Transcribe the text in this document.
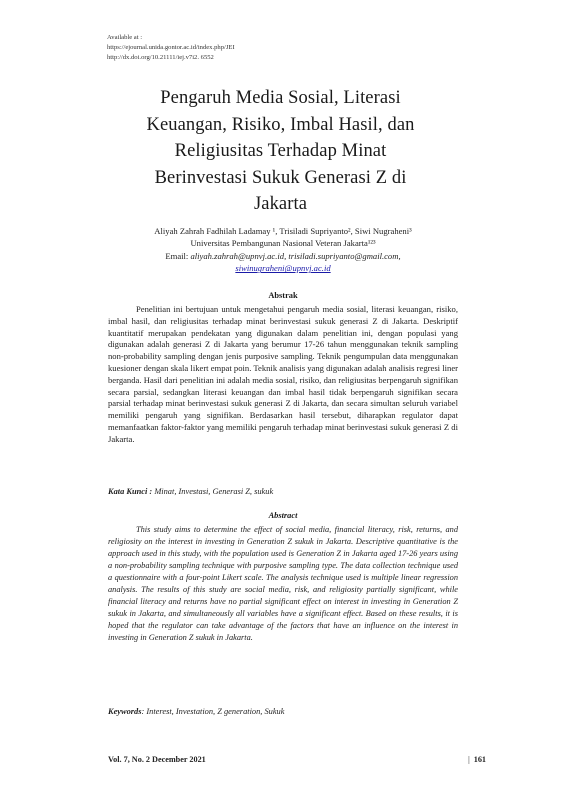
Available at :
https://ejournal.unida.gontor.ac.id/index.php/JEI
http://dx.doi.org/10.21111/iej.v7i2. 6552
Pengaruh Media Sosial, Literasi
Keuangan, Risiko, Imbal Hasil, dan
Religiusitas Terhadap Minat
Berinvestasi Sukuk Generasi Z di
Jakarta
Aliyah Zahrah Fadhilah Ladamay ¹, Trisiladi Supriyanto², Siwi Nugraheni³
Universitas Pembangunan Nasional Veteran Jakarta¹²³
Email: aliyah.zahrah@upnvj.ac.id, trisiladi.supriyanto@gmail.com,
siwinugraheni@upnvj.ac.id
Abstrak

Penelitian ini bertujuan untuk mengetahui pengaruh media sosial, literasi keuangan, risiko, imbal hasil, dan religiusitas terhadap minat berinvestasi sukuk generasi Z di Jakarta. Deskriptif kuantitatif merupakan pendekatan yang digunakan dalam penelitian ini, dengan populasi yang digunakan adalah generasi Z di Jakarta yang berumur 17-26 tahun menggunakan teknik sampling non-probability sampling dengan jenis purposive sampling. Teknik pengumpulan data menggunakan kuesioner dengan skala likert empat poin. Teknik analisis yang digunakan adalah analisis regresi liner berganda. Hasil dari penelitian ini adalah media sosial, risiko, dan religiusitas berpengaruh signifikan secara parsial, sedangkan literasi keuangan dan imbal hasil tidak berpengaruh signifikan secara parsial terhadap minat berinvestasi sukuk generasi Z di Jakarta, dan secara simultan seluruh variabel memiliki pengaruh yang signifikan. Berdasarkan hasil tersebut, diharapkan regulator dapat memanfaatkan faktor-faktor yang memiliki pengaruh terhadap minat berinvestasi sukuk generasi Z di Jakarta.

Kata Kunci : Minat, Investasi, Generasi Z, sukuk
Abstract

This study aims to determine the effect of social media, financial literacy, risk, returns, and religiosity on the interest in investing in Generation Z sukuk in Jakarta. Descriptive quantitative is the approach used in this study, with the population used is Generation Z in Jakarta aged 17-26 years using a non-probability sampling technique with purposive sampling type. The data collection technique used a questionnaire with a four-point Likert scale. The analysis technique used is multiple linear regression analysis. The results of this study are social media, risk, and religiosity partially significant, while financial literacy and returns have no partial significant effect on interest in investing in Generation Z sukuk in Jakarta, and simultaneously all variables have a significant effect. Based on these results, it is hoped that the regulator can take advantage of the factors that have an influence on the interest in investing in Generation Z sukuk in Jakarta.

Keywords: Interest, Investation, Z generation, Sukuk
Vol. 7, No. 2 December 2021	| 161
